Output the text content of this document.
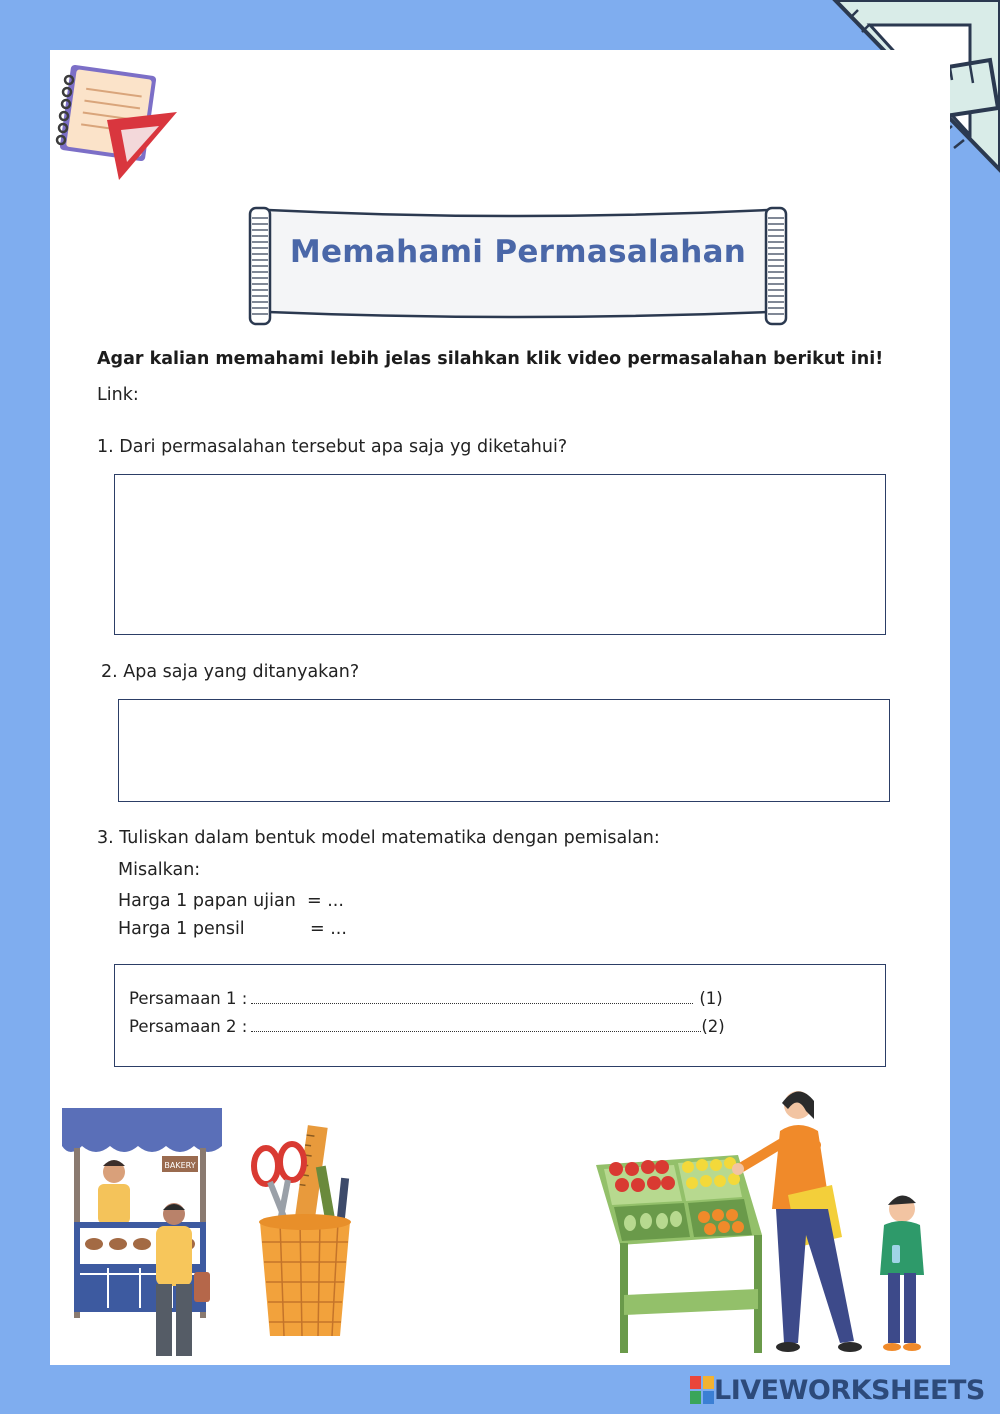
Memahami Permasalahan
Agar kalian memahami lebih jelas silahkan klik video permasalahan berikut ini!
Link:
1. Dari permasalahan tersebut apa saja yg diketahui?
2. Apa saja yang ditanyakan?
3. Tuliskan dalam bentuk model matematika dengan pemisalan:
Misalkan:
Harga 1 papan ujian = ...
Harga 1 pensil	= ...
Persamaan 1 :	(1)
Persamaan 2 :	(2)
BAKERY
LIVEWORKSHEETS
